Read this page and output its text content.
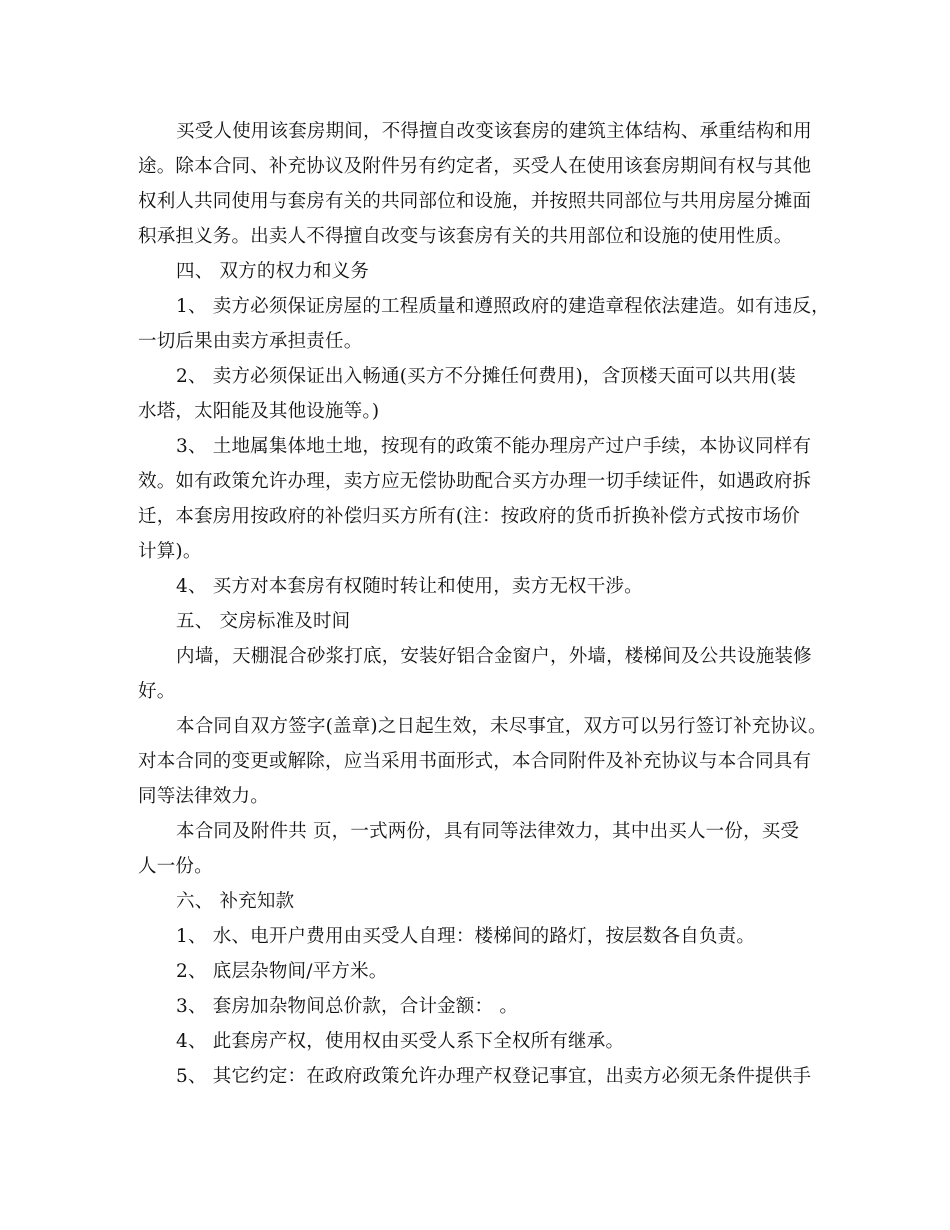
买受人使用该套房期间，不得擅自改变该套房的建筑主体结构、承重结构和用
途。除本合同、补充协议及附件另有约定者，买受人在使用该套房期间有权与其他
权利人共同使用与套房有关的共同部位和设施，并按照共同部位与共用房屋分摊面
积承担义务。出卖人不得擅自改变与该套房有关的共用部位和设施的使用性质。
四、 双方的权力和义务
1、 卖方必须保证房屋的工程质量和遵照政府的建造章程依法建造。如有违反，
一切后果由卖方承担责任。
2、 卖方必须保证出入畅通(买方不分摊任何费用)，含顶楼天面可以共用(装
水塔，太阳能及其他设施等。)
3、 土地属集体地土地，按现有的政策不能办理房产过户手续，本协议同样有
效。如有政策允许办理，卖方应无偿协助配合买方办理一切手续证件，如遇政府拆
迁，本套房用按政府的补偿归买方所有(注：按政府的货币折换补偿方式按市场价
计算)。
4、 买方对本套房有权随时转让和使用，卖方无权干涉。
五、 交房标准及时间
内墙，天棚混合砂浆打底，安装好铝合金窗户，外墙，楼梯间及公共设施装修
好。
本合同自双方签字(盖章)之日起生效，未尽事宜，双方可以另行签订补充协议。
对本合同的变更或解除，应当采用书面形式，本合同附件及补充协议与本合同具有
同等法律效力。
本合同及附件共 页，一式两份，具有同等法律效力，其中出买人一份，买受
人一份。
六、 补充知款
1、 水、电开户费用由买受人自理：楼梯间的路灯，按层数各自负责。
2、 底层杂物间/平方米。
3、 套房加杂物间总价款，合计金额： 。
4、 此套房产权，使用权由买受人系下全权所有继承。
5、 其它约定：在政府政策允许办理产权登记事宜，出卖方必须无条件提供手
